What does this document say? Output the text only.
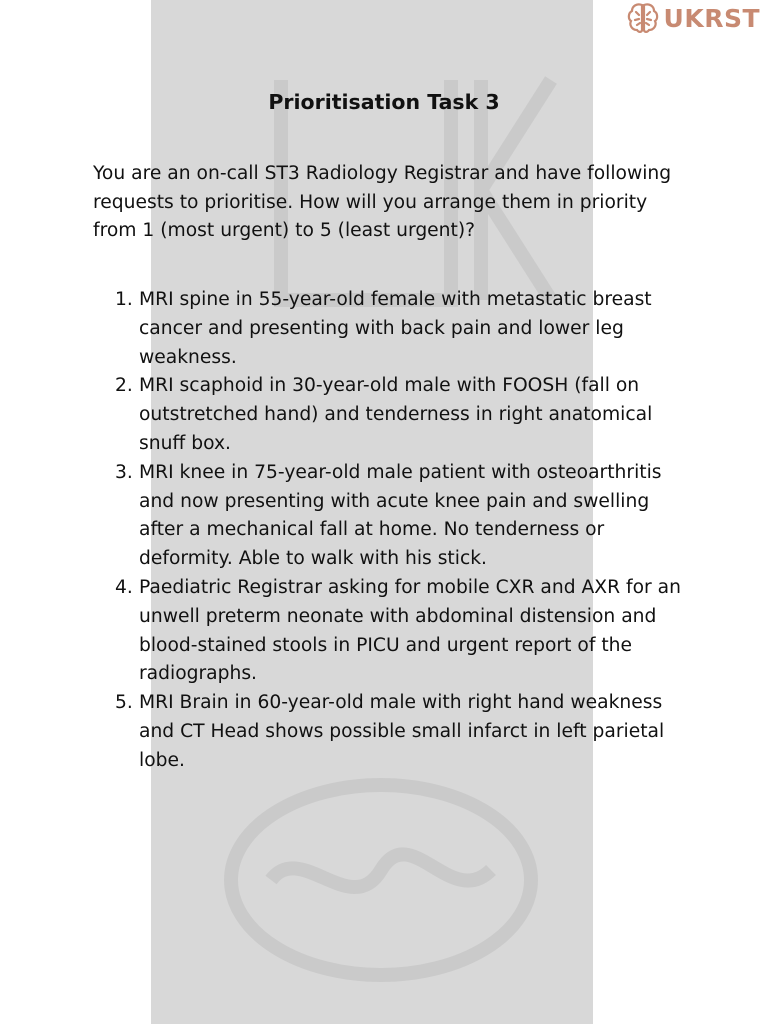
UKRST
Prioritisation Task 3

You are an on-call ST3 Radiology Registrar and have following requests to prioritise. How will you arrange them in priority from 1 (most urgent) to 5 (least urgent)?

1. MRI spine in 55-year-old female with metastatic breast cancer and presenting with back pain and lower leg weakness.
2. MRI scaphoid in 30-year-old male with FOOSH (fall on outstretched hand) and tenderness in right anatomical snuff box.
3. MRI knee in 75-year-old male patient with osteoarthritis and now presenting with acute knee pain and swelling after a mechanical fall at home. No tenderness or deformity. Able to walk with his stick.
4. Paediatric Registrar asking for mobile CXR and AXR for an unwell preterm neonate with abdominal distension and blood-stained stools in PICU and urgent report of the radiographs.
5. MRI Brain in 60-year-old male with right hand weakness and CT Head shows possible small infarct in left parietal lobe.
